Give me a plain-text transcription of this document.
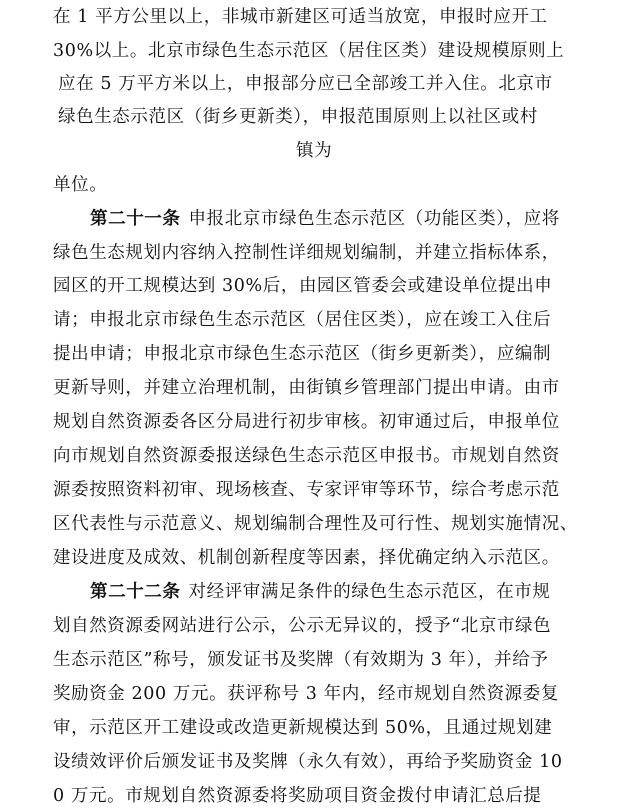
在 1 平方公里以上，非城市新建区可适当放宽，申报时应开工
30%以上。北京市绿色生态示范区（居住区类）建设规模原则上
应在 5 万平方米以上，申报部分应已全部竣工并入住。北京市
绿色生态示范区（街乡更新类），申报范围原则上以社区或村
镇为
单位。
第二十一条 申报北京市绿色生态示范区（功能区类），应将
绿色生态规划内容纳入控制性详细规划编制，并建立指标体系，
园区的开工规模达到 30%后，由园区管委会或建设单位提出申
请；申报北京市绿色生态示范区（居住区类），应在竣工入住后
提出申请；申报北京市绿色生态示范区（街乡更新类），应编制
更新导则，并建立治理机制，由街镇乡管理部门提出申请。由市
规划自然资源委各区分局进行初步审核。初审通过后，申报单位
向市规划自然资源委报送绿色生态示范区申报书。市规划自然资
源委按照资料初审、现场核查、专家评审等环节，综合考虑示范
区代表性与示范意义、规划编制合理性及可行性、规划实施情况、
建设进度及成效、机制创新程度等因素，择优确定纳入示范区。
第二十二条 对经评审满足条件的绿色生态示范区，在市规
划自然资源委网站进行公示，公示无异议的，授予“北京市绿色
生态示范区”称号，颁发证书及奖牌（有效期为 3 年），并给予
奖励资金 200 万元。获评称号 3 年内，经市规划自然资源委复
审，示范区开工建设或改造更新规模达到 50%，且通过规划建
设绩效评价后颁发证书及奖牌（永久有效），再给予奖励资金 10
0 万元。市规划自然资源委将奖励项目资金拨付申请汇总后提
